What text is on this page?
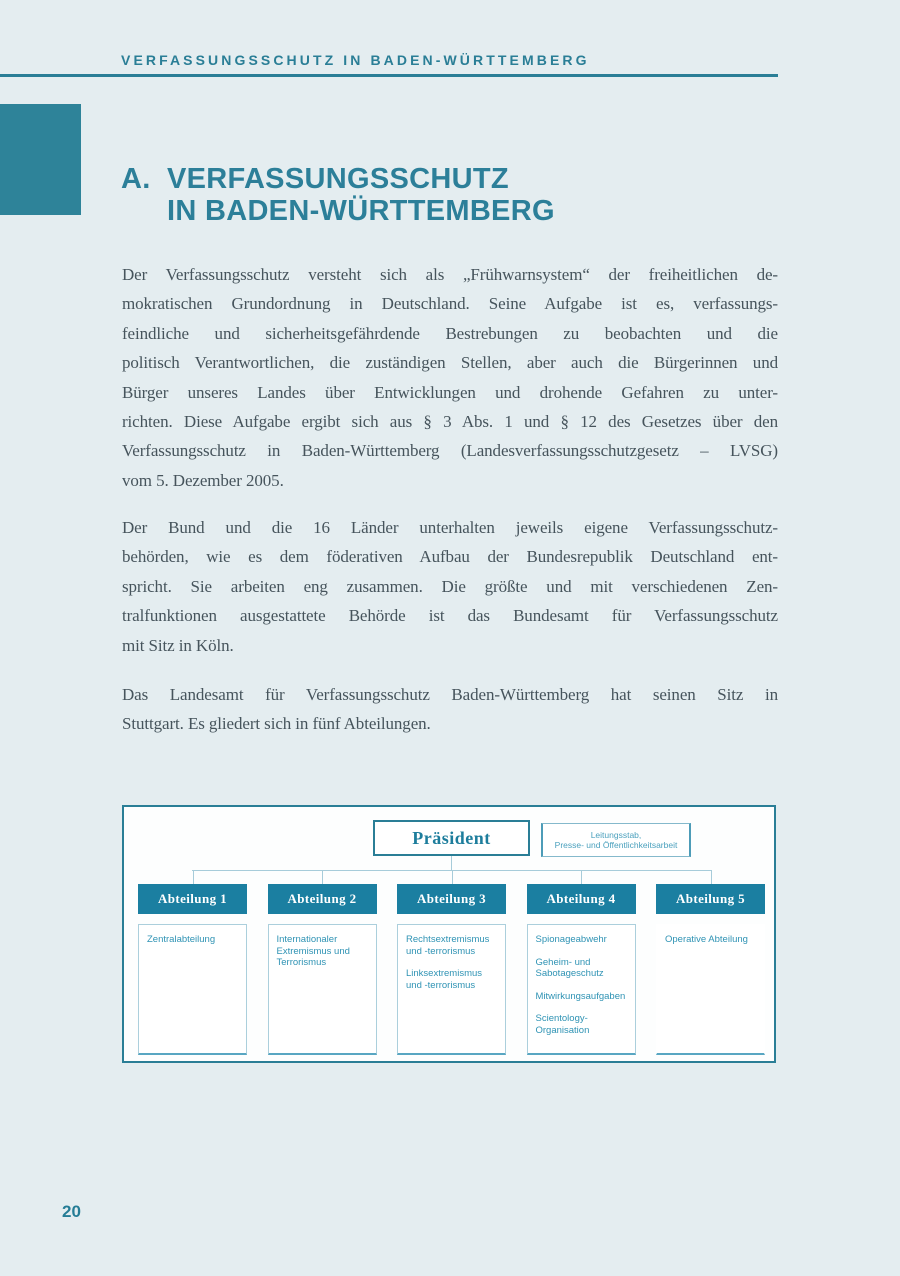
VERFASSUNGSSCHUTZ IN BADEN-WÜRTTEMBERG
A. VERFASSUNGSSCHUTZ
IN BADEN-WÜRTTEMBERG
Der Verfassungsschutz versteht sich als „Frühwarnsystem“ der freiheitlichen de-
mokratischen Grundordnung in Deutschland. Seine Aufgabe ist es, verfassungs-
feindliche und sicherheitsgefährdende Bestrebungen zu beobachten und die
politisch Verantwortlichen, die zuständigen Stellen, aber auch die Bürgerinnen und
Bürger unseres Landes über Entwicklungen und drohende Gefahren zu unter-
richten. Diese Aufgabe ergibt sich aus § 3 Abs. 1 und § 12 des Gesetzes über den
Verfassungsschutz in Baden-Württemberg (Landesverfassungsschutzgesetz – LVSG)
vom 5. Dezember 2005.
Der Bund und die 16 Länder unterhalten jeweils eigene Verfassungsschutz-
behörden, wie es dem föderativen Aufbau der Bundesrepublik Deutschland ent-
spricht. Sie arbeiten eng zusammen. Die größte und mit verschiedenen Zen-
tralfunktionen ausgestattete Behörde ist das Bundesamt für Verfassungsschutz
mit Sitz in Köln.
Das Landesamt für Verfassungsschutz Baden-Württemberg hat seinen Sitz in
Stuttgart. Es gliedert sich in fünf Abteilungen.
Präsident	Leitungsstab,
Presse- und Öffentlichkeitsarbeit
Abteilung 1
Zentralabteilung
Abteilung 2
Internationaler Extremismus und Terrorismus
Abteilung 3
Rechtsextremismus und -terrorismus
Linksextremismus und -terrorismus
Abteilung 4
Spionageabwehr
Geheim- und Sabotageschutz
Mitwirkungsaufgaben
Scientology-Organisation
Abteilung 5
Operative Abteilung
20
